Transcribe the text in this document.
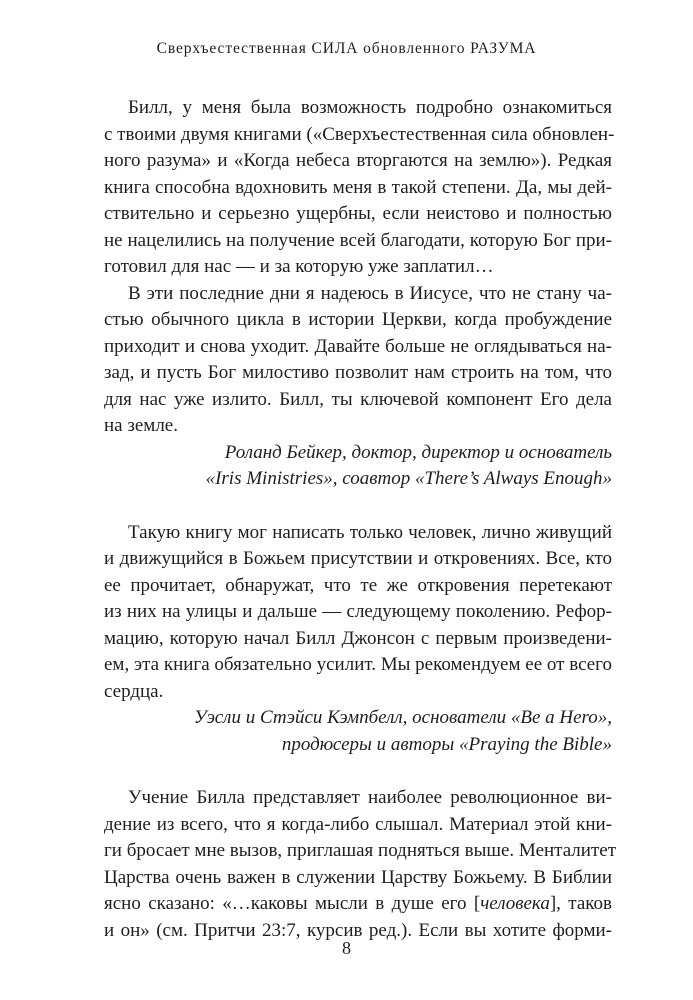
Сверхъестественная СИЛА обновленного РАЗУМА
Билл, у меня была возможность подробно ознакомиться
с твоими двумя книгами («Сверхъестественная сила обновлен-
ного разума» и «Когда небеса вторгаются на землю»). Редкая
книга способна вдохновить меня в такой степени. Да, мы дей-
ствительно и серьезно ущербны, если неистово и полностью
не нацелились на получение всей благодати, которую Бог при-
готовил для нас — и за которую уже заплатил…
В эти последние дни я надеюсь в Иисусе, что не стану ча-
стью обычного цикла в истории Церкви, когда пробуждение
приходит и снова уходит. Давайте больше не оглядываться на-
зад, и пусть Бог милостиво позволит нам строить на том, что
для нас уже излито. Билл, ты ключевой компонент Его дела
на земле.
Роланд Бейкер, доктор, директор и основатель
«Iris Ministries», соавтор «There’s Always Enough»
Такую книгу мог написать только человек, лично живущий
и движущийся в Божьем присутствии и откровениях. Все, кто
ее прочитает, обнаружат, что те же откровения перетекают
из них на улицы и дальше — следующему поколению. Рефор-
мацию, которую начал Билл Джонсон с первым произведени-
ем, эта книга обязательно усилит. Мы рекомендуем ее от всего
сердца.
Уэсли и Стэйси Кэмпбелл, основатели «Be a Hero»,
продюсеры и авторы «Praying the Bible»
Учение Билла представляет наиболее революционное ви-
дение из всего, что я когда-либо слышал. Материал этой кни-
ги бросает мне вызов, приглашая подняться выше. Менталитет
Царства очень важен в служении Царству Божьему. В Библии
ясно сказано: «…каковы мысли в душе его [человека], таков
и он» (см. Притчи 23:7, курсив ред.). Если вы хотите форми-
8
